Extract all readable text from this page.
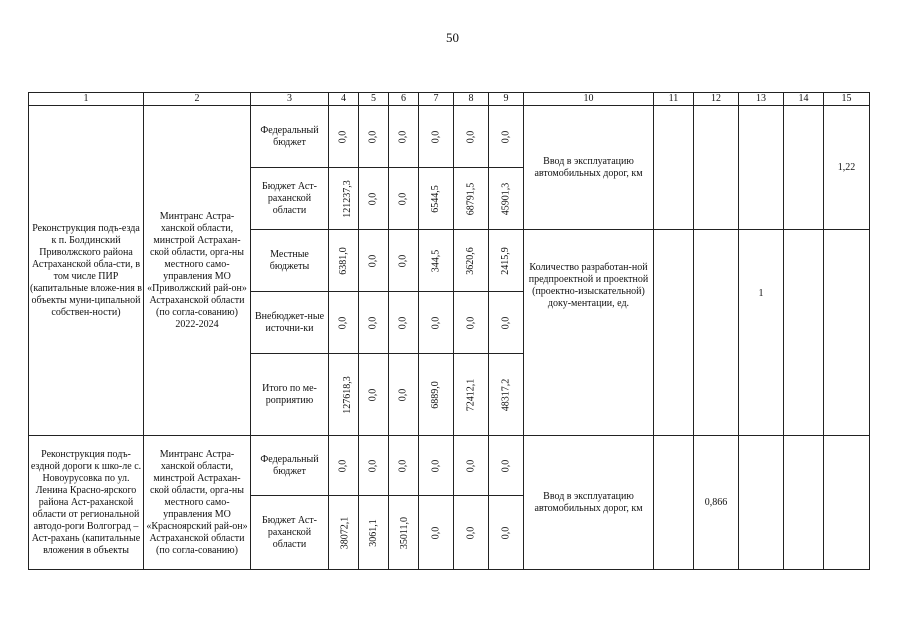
50
1	2	3	4	5	6	7	8	9	10	11	12	13	14	15
Реконструкция подъ-езда к п. Болдинский Приволжского района Астраханской обла-сти, в том числе ПИР (капитальные вложе-ния в объекты муни-ципальной собствен-ности)	Минтранс Астра-ханской области, минстрой Астрахан-ской области, орга-ны местного само-управления МО «Приволжский рай-он» Астраханской области (по согла-сованию) 2022-2024	Федеральный бюджет	0,0	0,0	0,0	0,0	0,0	0,0	Ввод в эксплуатацию автомобильных дорог, км					1,22
		Бюджет Аст-раханской области	121237,3	0,0	0,0	6544,5	68791,5	45901,3						
		Местные бюджеты	6381,0	0,0	0,0	344,5	3620,6	2415,9	Количество разработан-ной предпроектной и проектной (проектно-изыскательной) доку-ментации, ед.			1		
		Внебюджет-ные источни-ки	0,0	0,0	0,0	0,0	0,0	0,0						
		Итого по ме-роприятию	127618,3	0,0	0,0	6889,0	72412,1	48317,2						
Реконструкция подъ-ездной дороги к шко-ле с. Новоурусовка по ул. Ленина Красно-ярского района Аст-раханской области от региональной автодо-роги Волгоград –Аст-рахань (капитальные вложения в объекты	Минтранс Астра-ханской области, минстрой Астрахан-ской области, орга-ны местного само-управления МО «Красноярский рай-он» Астраханской области (по согла-сованию)	Федеральный бюджет	0,0	0,0	0,0	0,0	0,0	0,0	Ввод в эксплуатацию автомобильных дорог, км		0,866			
		Бюджет Аст-раханской области	38072,1	3061,1	35011,0	0,0	0,0	0,0						
